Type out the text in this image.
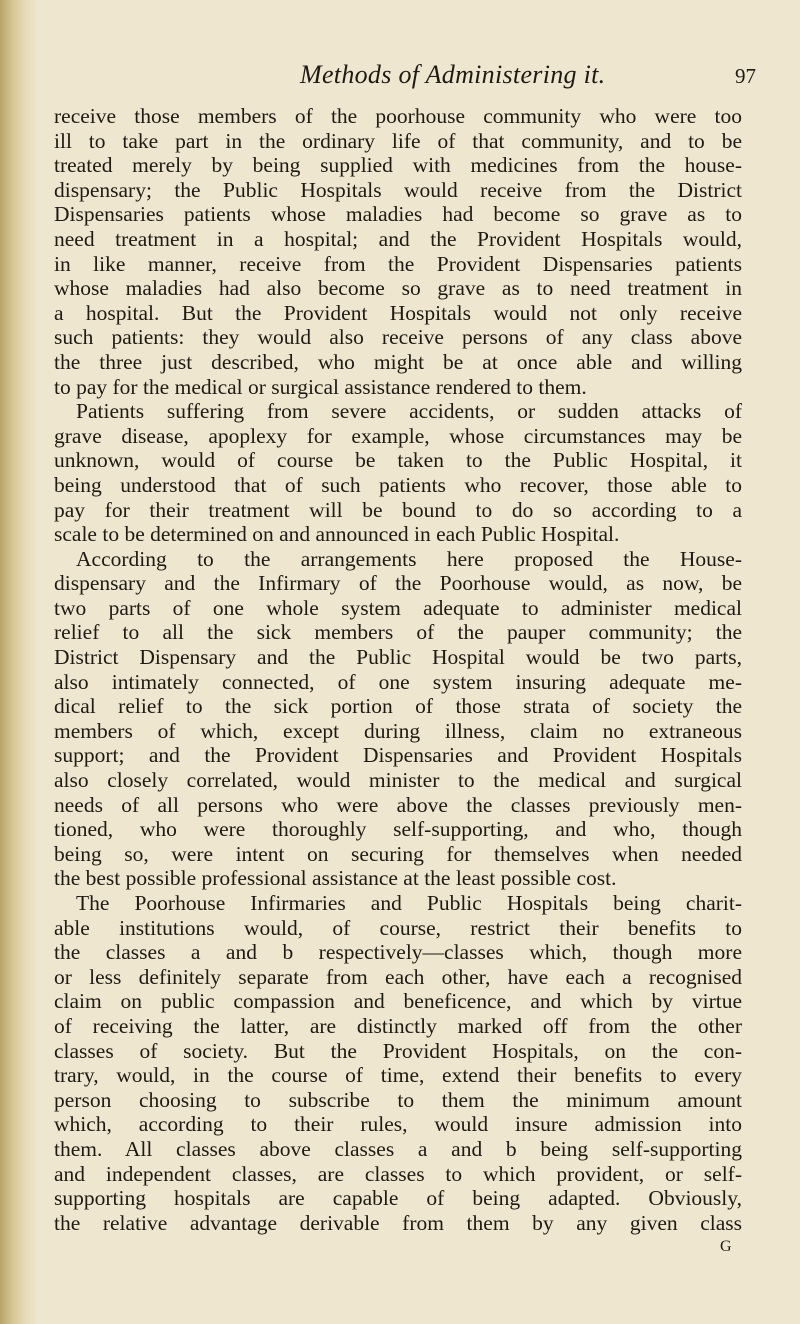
Methods of Administering it.	97
receive those members of the poorhouse community who were too
ill to take part in the ordinary life of that community, and to be
treated merely by being supplied with medicines from the house-
dispensary; the Public Hospitals would receive from the District
Dispensaries patients whose maladies had become so grave as to
need treatment in a hospital; and the Provident Hospitals would,
in like manner, receive from the Provident Dispensaries patients
whose maladies had also become so grave as to need treatment in
a hospital. But the Provident Hospitals would not only receive
such patients: they would also receive persons of any class above
the three just described, who might be at once able and willing
to pay for the medical or surgical assistance rendered to them.
Patients suffering from severe accidents, or sudden attacks of
grave disease, apoplexy for example, whose circumstances may be
unknown, would of course be taken to the Public Hospital, it
being understood that of such patients who recover, those able to
pay for their treatment will be bound to do so according to a
scale to be determined on and announced in each Public Hospital.
According to the arrangements here proposed the House-
dispensary and the Infirmary of the Poorhouse would, as now, be
two parts of one whole system adequate to administer medical
relief to all the sick members of the pauper community; the
District Dispensary and the Public Hospital would be two parts,
also intimately connected, of one system insuring adequate me-
dical relief to the sick portion of those strata of society the
members of which, except during illness, claim no extraneous
support; and the Provident Dispensaries and Provident Hospitals
also closely correlated, would minister to the medical and surgical
needs of all persons who were above the classes previously men-
tioned, who were thoroughly self-supporting, and who, though
being so, were intent on securing for themselves when needed
the best possible professional assistance at the least possible cost.
The Poorhouse Infirmaries and Public Hospitals being charit-
able institutions would, of course, restrict their benefits to
the classes a and b respectively—classes which, though more
or less definitely separate from each other, have each a recognised
claim on public compassion and beneficence, and which by virtue
of receiving the latter, are distinctly marked off from the other
classes of society. But the Provident Hospitals, on the con-
trary, would, in the course of time, extend their benefits to every
person choosing to subscribe to them the minimum amount
which, according to their rules, would insure admission into
them. All classes above classes a and b being self-supporting
and independent classes, are classes to which provident, or self-
supporting hospitals are capable of being adapted. Obviously,
the relative advantage derivable from them by any given class
G
